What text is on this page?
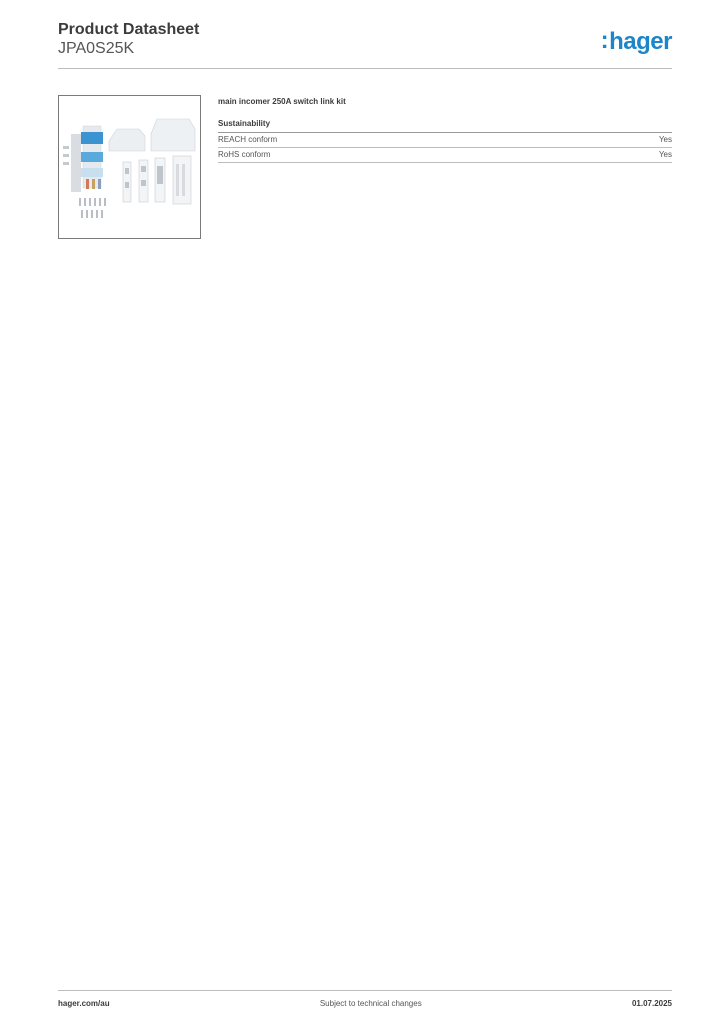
Product Datasheet
JPA0S25K	:hager
main incomer 250A switch link kit
Sustainability
REACH conform	Yes
RoHS conform	Yes
hager.com/au	Subject to technical changes	01.07.2025
